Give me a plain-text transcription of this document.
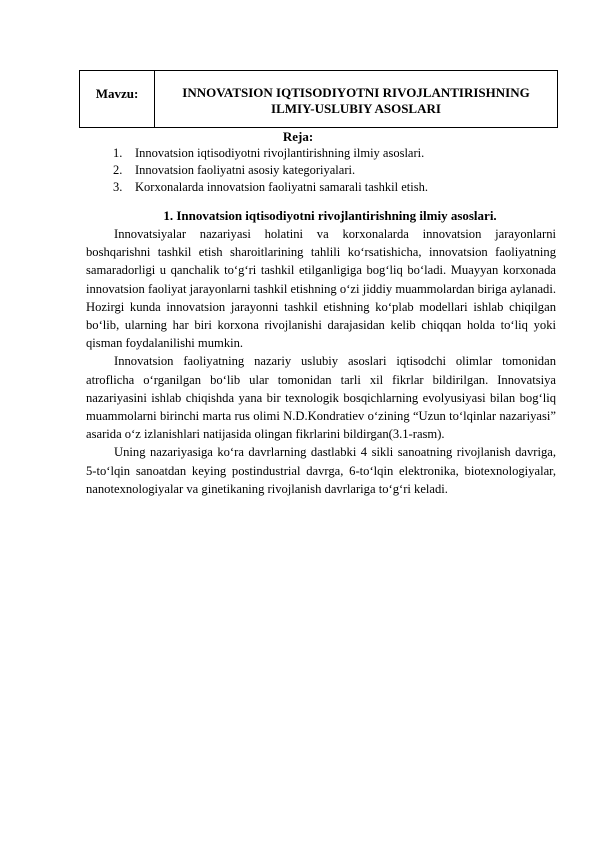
Mavzu:	INNOVATSION IQTISODIYOTNI RIVOJLANTIRISHNING ILMIY-USLUBIY ASOSLARI
Reja:
1.	Innovatsion iqtisodiyotni rivojlantirishning ilmiy asoslari.
2.	Innovatsion faoliyatni asosiy kategoriyalari.
3.	Korxonalarda innovatsion faoliyatni samarali tashkil etish.
1. Innovatsion iqtisodiyotni rivojlantirishning ilmiy asoslari.

Innovatsiyalar nazariyasi holatini va korxonalarda innovatsion jarayonlarni boshqarishni tashkil etish sharoitlarining tahlili ko‘rsatishicha, innovatsion faoliyatning samaradorligi u qanchalik to‘g‘ri tashkil etilganligiga bog‘liq bo‘ladi. Muayyan korxonada innovatsion faoliyat jarayonlarni tashkil etishning o‘zi jiddiy muammolardan biriga aylanadi. Hozirgi kunda innovatsion jarayonni tashkil etishning ko‘plab modellari ishlab chiqilgan bo‘lib, ularning har biri korxona rivojlanishi darajasidan kelib chiqqan holda to‘liq yoki qisman foydalanilishi mumkin.

Innovatsion faoliyatning nazariy uslubiy asoslari iqtisodchi olimlar tomonidan atroflicha o‘rganilgan bo‘lib ular tomonidan tarli xil fikrlar bildirilgan. Innovatsiya nazariyasini ishlab chiqishda yana bir texnologik bosqichlarning evolyusiyasi bilan bog‘liq muammolarni birinchi marta rus olimi N.D.Kondratiev o‘zining “Uzun to‘lqinlar nazariyasi” asarida o‘z izlanishlari natijasida olingan fikrlarini bildirgan(3.1-rasm).

Uning nazariyasiga ko‘ra davrlarning dastlabki 4 sikli sanoatning rivojlanish davriga, 5-to‘lqin sanoatdan keying postindustrial davrga, 6-to‘lqin elektronika, biotexnologiyalar, nanotexnologiyalar va ginetikaning rivojlanish davrlariga to‘g‘ri keladi.
